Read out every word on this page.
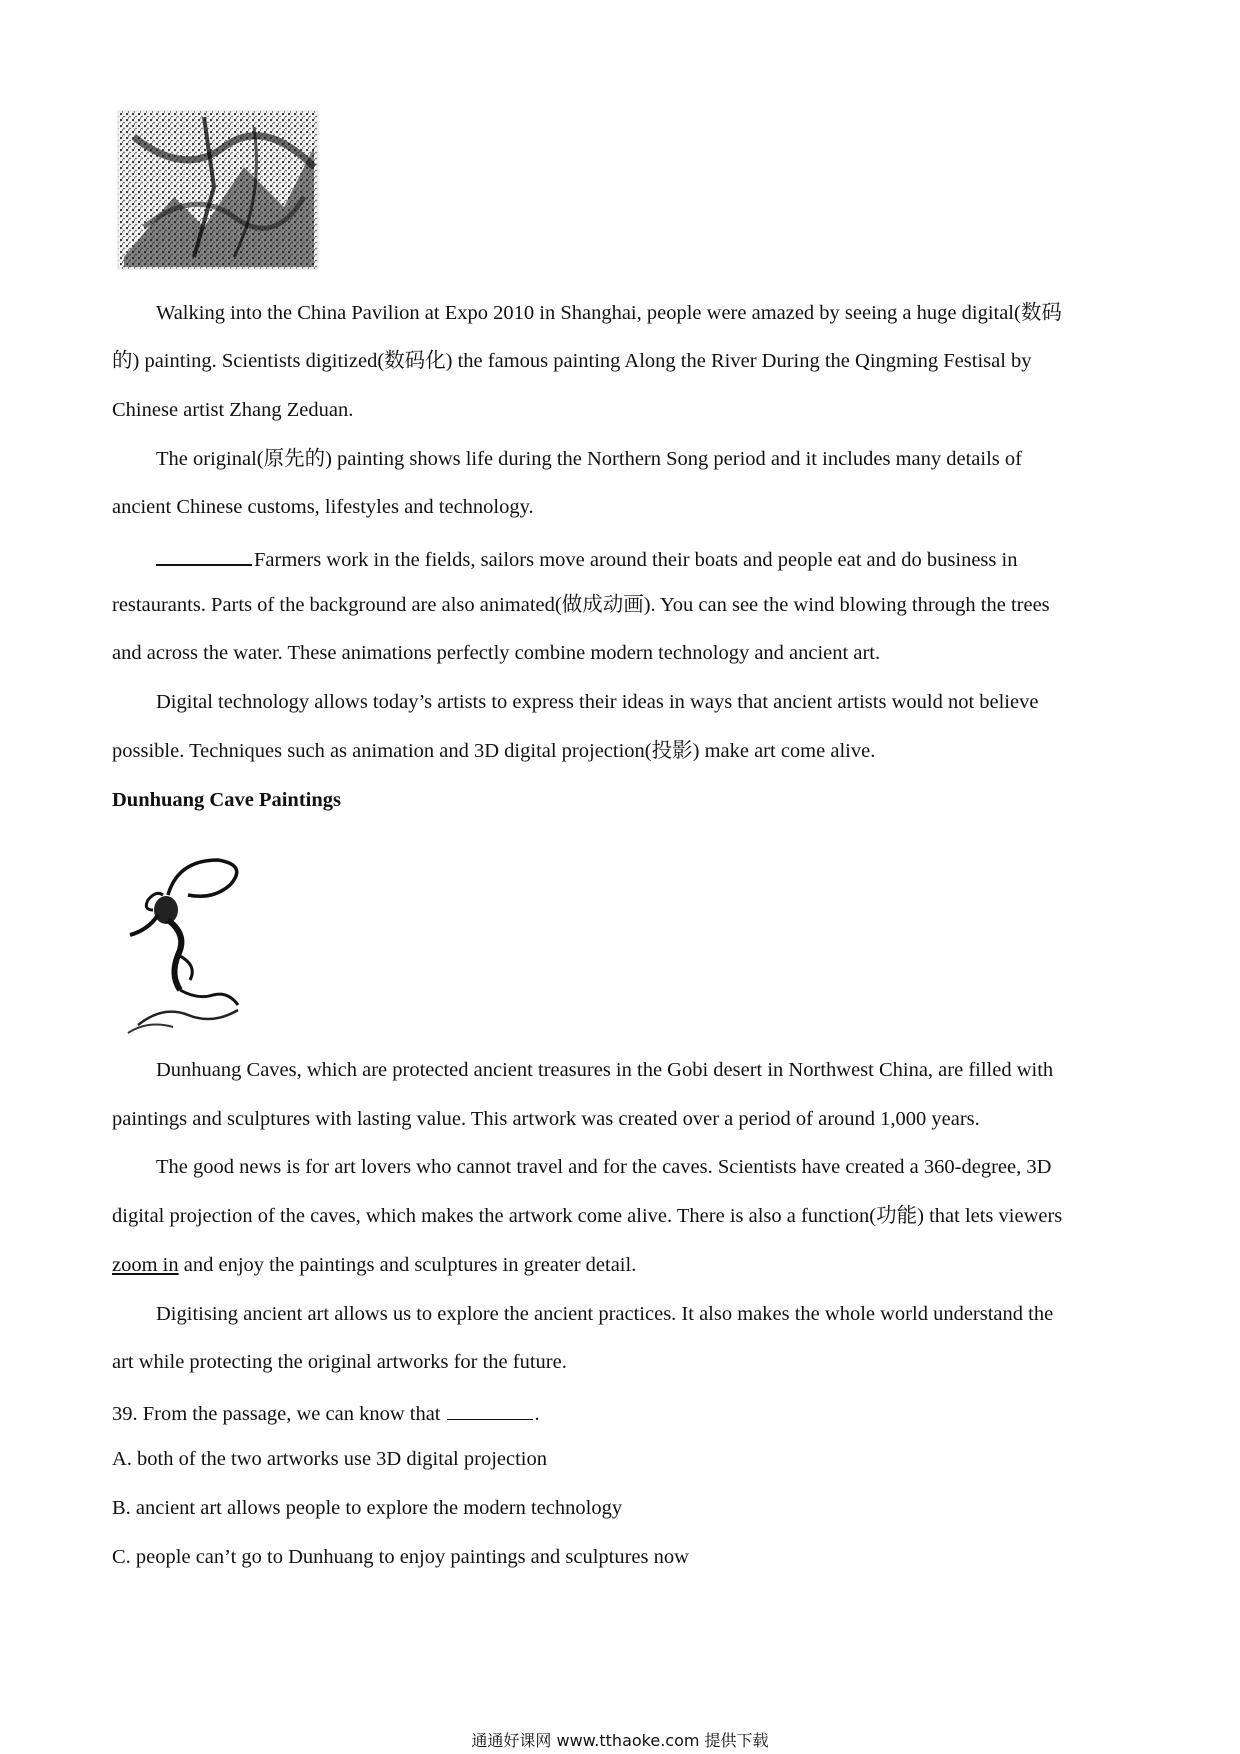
Walking into the China Pavilion at Expo 2010 in Shanghai, people were amazed by seeing a huge digital(数码
的) painting. Scientists digitized(数码化) the famous painting Along the River During the Qingming Festisal by
Chinese artist Zhang Zeduan.
The original(原先的) painting shows life during the Northern Song period and it includes many details of
ancient Chinese customs, lifestyles and technology.
Farmers work in the fields, sailors move around their boats and people eat and do business in
restaurants. Parts of the background are also animated(做成动画). You can see the wind blowing through the trees
and across the water. These animations perfectly combine modern technology and ancient art.
Digital technology allows today’s artists to express their ideas in ways that ancient artists would not believe
possible. Techniques such as animation and 3D digital projection(投影) make art come alive.
Dunhuang Cave Paintings
Dunhuang Caves, which are protected ancient treasures in the Gobi desert in Northwest China, are filled with
paintings and sculptures with lasting value. This artwork was created over a period of around 1,000 years.
The good news is for art lovers who cannot travel and for the caves. Scientists have created a 360-degree, 3D
digital projection of the caves, which makes the artwork come alive. There is also a function(功能) that lets viewers
zoom in and enjoy the paintings and sculptures in greater detail.
Digitising ancient art allows us to explore the ancient practices. It also makes the whole world understand the
art while protecting the original artworks for the future.
39. From the passage, we can know that	.
A. both of the two artworks use 3D digital projection
B. ancient art allows people to explore the modern technology
C. people can’t go to Dunhuang to enjoy paintings and sculptures now
通通好课网 www.tthaoke.com 提供下载
